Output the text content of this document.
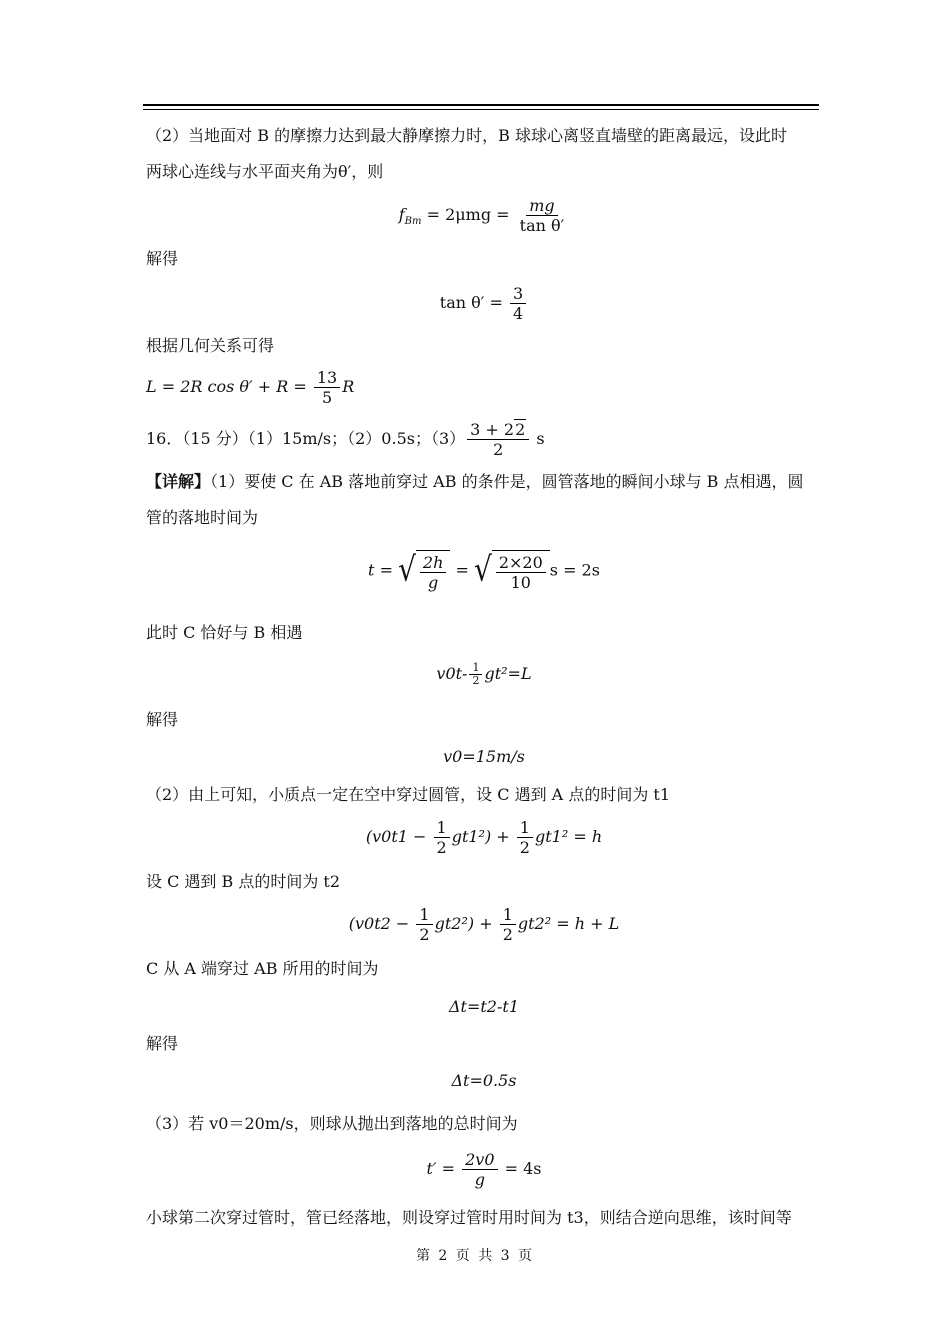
（2）当地面对 B 的摩擦力达到最大静摩擦力时，B 球球心离竖直墙壁的距离最远，设此时
两球心连线与水平面夹角为θ′，则
$f_{Bm} = 2\mu mg = \frac{mg}{\text{tan θ′}}$
解得
$\tan \theta' = \frac{3}{4}$
根据几何关系可得
L = 2R $\cos \theta' + R = \frac{13}{5}$ R
16．（15 分）（1）15m/s；（2）0.5s；$(3) \frac{3 + 22}{2}$ s
【详解】（1）要使 C 在 AB 落地前穿过 AB 的条件是，圆管落地的瞬间小球与 B 点相遇，圆
管的落地时间为
t = √ $\frac{2h}{g}$ = √ $\frac{2\times 20}{10}$ s = 2s
此时 C 恰好与 B 相遇
$v0t- \frac{1}{2} gt^2=L$
解得
v0=15m/s
（2）由上可知，小质点一定在空中穿过圆管，设 C 遇到 A 点的时间为 t1
$(v0t1 - \frac{1}{2} gt1^2) + \frac{1}{2} gt1^2 = h$
设 C 遇到 B 点的时间为 t2
$(v0t2 - \frac{1}{2} gt2^2) + \frac{1}{2} gt2^2 = h + L$
C 从 A 端穿过 AB 所用的时间为
Δt=t2-t1
解得
Δt=0.5s
（3）若 v0＝20m/s，则球从抛出到落地的总时间为
$t' = \frac{2v0}{g} = 4s$
小球第二次穿过管时，管已经落地，则设穿过管时用时间为 t3，则结合逆向思维，该时间等
第 2 页 共 3 页
